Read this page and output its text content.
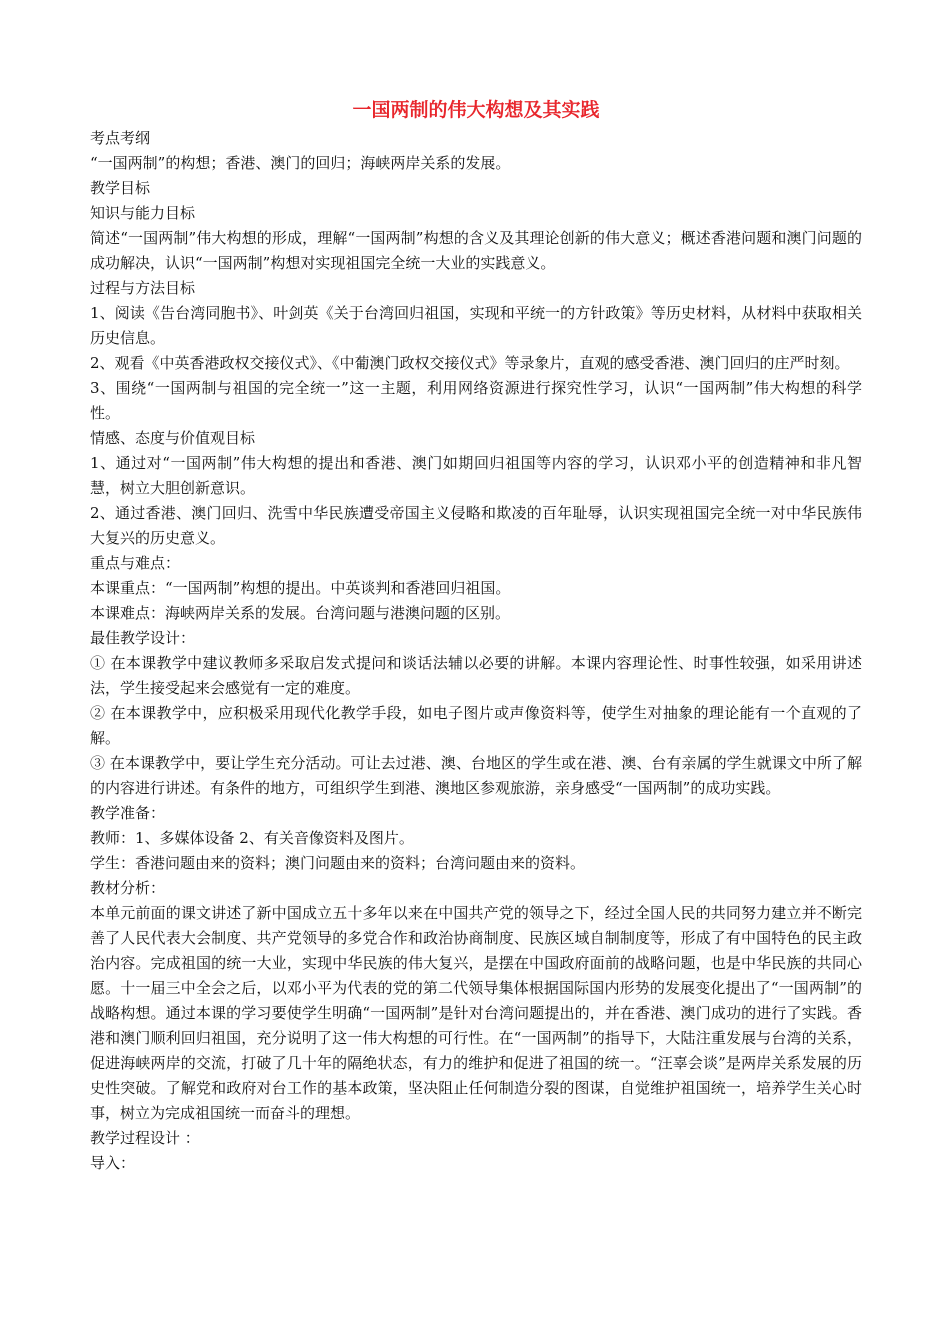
一国两制的伟大构想及其实践

考点考纲

“一国两制”的构想；香港、澳门的回归；海峡两岸关系的发展。

教学目标

知识与能力目标

简述“一国两制”伟大构想的形成，理解“一国两制”构想的含义及其理论创新的伟大意义；概述香港问题和澳门问题的成功解决，认识“一国两制”构想对实现祖国完全统一大业的实践意义。

过程与方法目标

1、阅读《告台湾同胞书》、叶剑英《关于台湾回归祖国，实现和平统一的方针政策》等历史材料，从材料中获取相关历史信息。

2、观看《中英香港政权交接仪式》、《中葡澳门政权交接仪式》等录象片，直观的感受香港、澳门回归的庄严时刻。

3、围绕“一国两制与祖国的完全统一”这一主题，利用网络资源进行探究性学习，认识“一国两制”伟大构想的科学性。

情感、态度与价值观目标

1、通过对“一国两制”伟大构想的提出和香港、澳门如期回归祖国等内容的学习，认识邓小平的创造精神和非凡智慧，树立大胆创新意识。

2、通过香港、澳门回归、洗雪中华民族遭受帝国主义侵略和欺凌的百年耻辱，认识实现祖国完全统一对中华民族伟大复兴的历史意义。

重点与难点：

本课重点：“一国两制”构想的提出。中英谈判和香港回归祖国。

本课难点：海峡两岸关系的发展。台湾问题与港澳问题的区别。

最佳教学设计：

① 在本课教学中建议教师多采取启发式提问和谈话法辅以必要的讲解。本课内容理论性、时事性较强，如采用讲述法，学生接受起来会感觉有一定的难度。

② 在本课教学中，应积极采用现代化教学手段，如电子图片或声像资料等，使学生对抽象的理论能有一个直观的了解。

③ 在本课教学中，要让学生充分活动。可让去过港、澳、台地区的学生或在港、澳、台有亲属的学生就课文中所了解的内容进行讲述。有条件的地方，可组织学生到港、澳地区参观旅游，亲身感受“一国两制”的成功实践。

教学准备：

教师：1、多媒体设备 2、有关音像资料及图片。

学生：香港问题由来的资料；澳门问题由来的资料；台湾问题由来的资料。

教材分析：

本单元前面的课文讲述了新中国成立五十多年以来在中国共产党的领导之下，经过全国人民的共同努力建立并不断完善了人民代表大会制度、共产党领导的多党合作和政治协商制度、民族区域自制制度等，形成了有中国特色的民主政治内容。完成祖国的统一大业，实现中华民族的伟大复兴，是摆在中国政府面前的战略问题，也是中华民族的共同心愿。十一届三中全会之后，以邓小平为代表的党的第二代领导集体根据国际国内形势的发展变化提出了“一国两制”的战略构想。通过本课的学习要使学生明确“一国两制”是针对台湾问题提出的，并在香港、澳门成功的进行了实践。香港和澳门顺利回归祖国，充分说明了这一伟大构想的可行性。在“一国两制”的指导下，大陆注重发展与台湾的关系，促进海峡两岸的交流，打破了几十年的隔绝状态，有力的维护和促进了祖国的统一。“汪辜会谈”是两岸关系发展的历史性突破。了解党和政府对台工作的基本政策，坚决阻止任何制造分裂的图谋，自觉维护祖国统一，培养学生关心时事，树立为完成祖国统一而奋斗的理想。

教学过程设计 ：

导入：
